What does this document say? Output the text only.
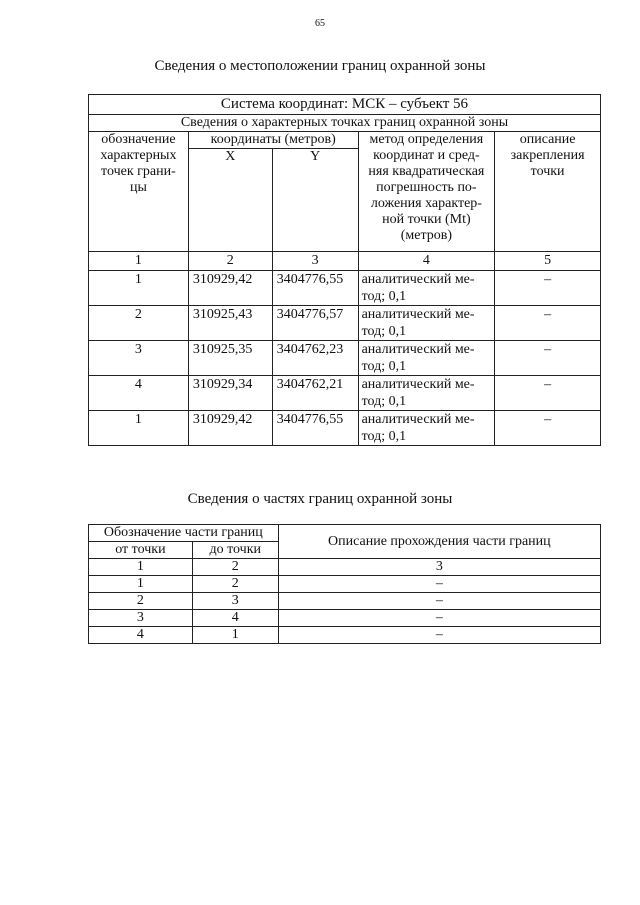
65
Сведения о местоположении границ охранной зоны
Система координат: МСК – субъект 56				
Сведения о характерных точках границ охранной зоны				
обозначение характерных точек грани- цы	координаты (метров)		метод определения координат и сред- няя квадратическая погрешность по- ложения характер- ной точки (Mt) (метров)	описание закрепления точки
	X	Y		
1	2	3	4	5
1	310929,42	3404776,55	аналитический ме- тод; 0,1	–
2	310925,43	3404776,57	аналитический ме- тод; 0,1	–
3	310925,35	3404762,23	аналитический ме- тод; 0,1	–
4	310929,34	3404762,21	аналитический ме- тод; 0,1	–
1	310929,42	3404776,55	аналитический ме- тод; 0,1	–
Сведения о частях границ охранной зоны
Обозначение части границ		Описание прохождения части границ
от точки	до точки	
1	2	3
1	2	–
2	3	–
3	4	–
4	1	–
